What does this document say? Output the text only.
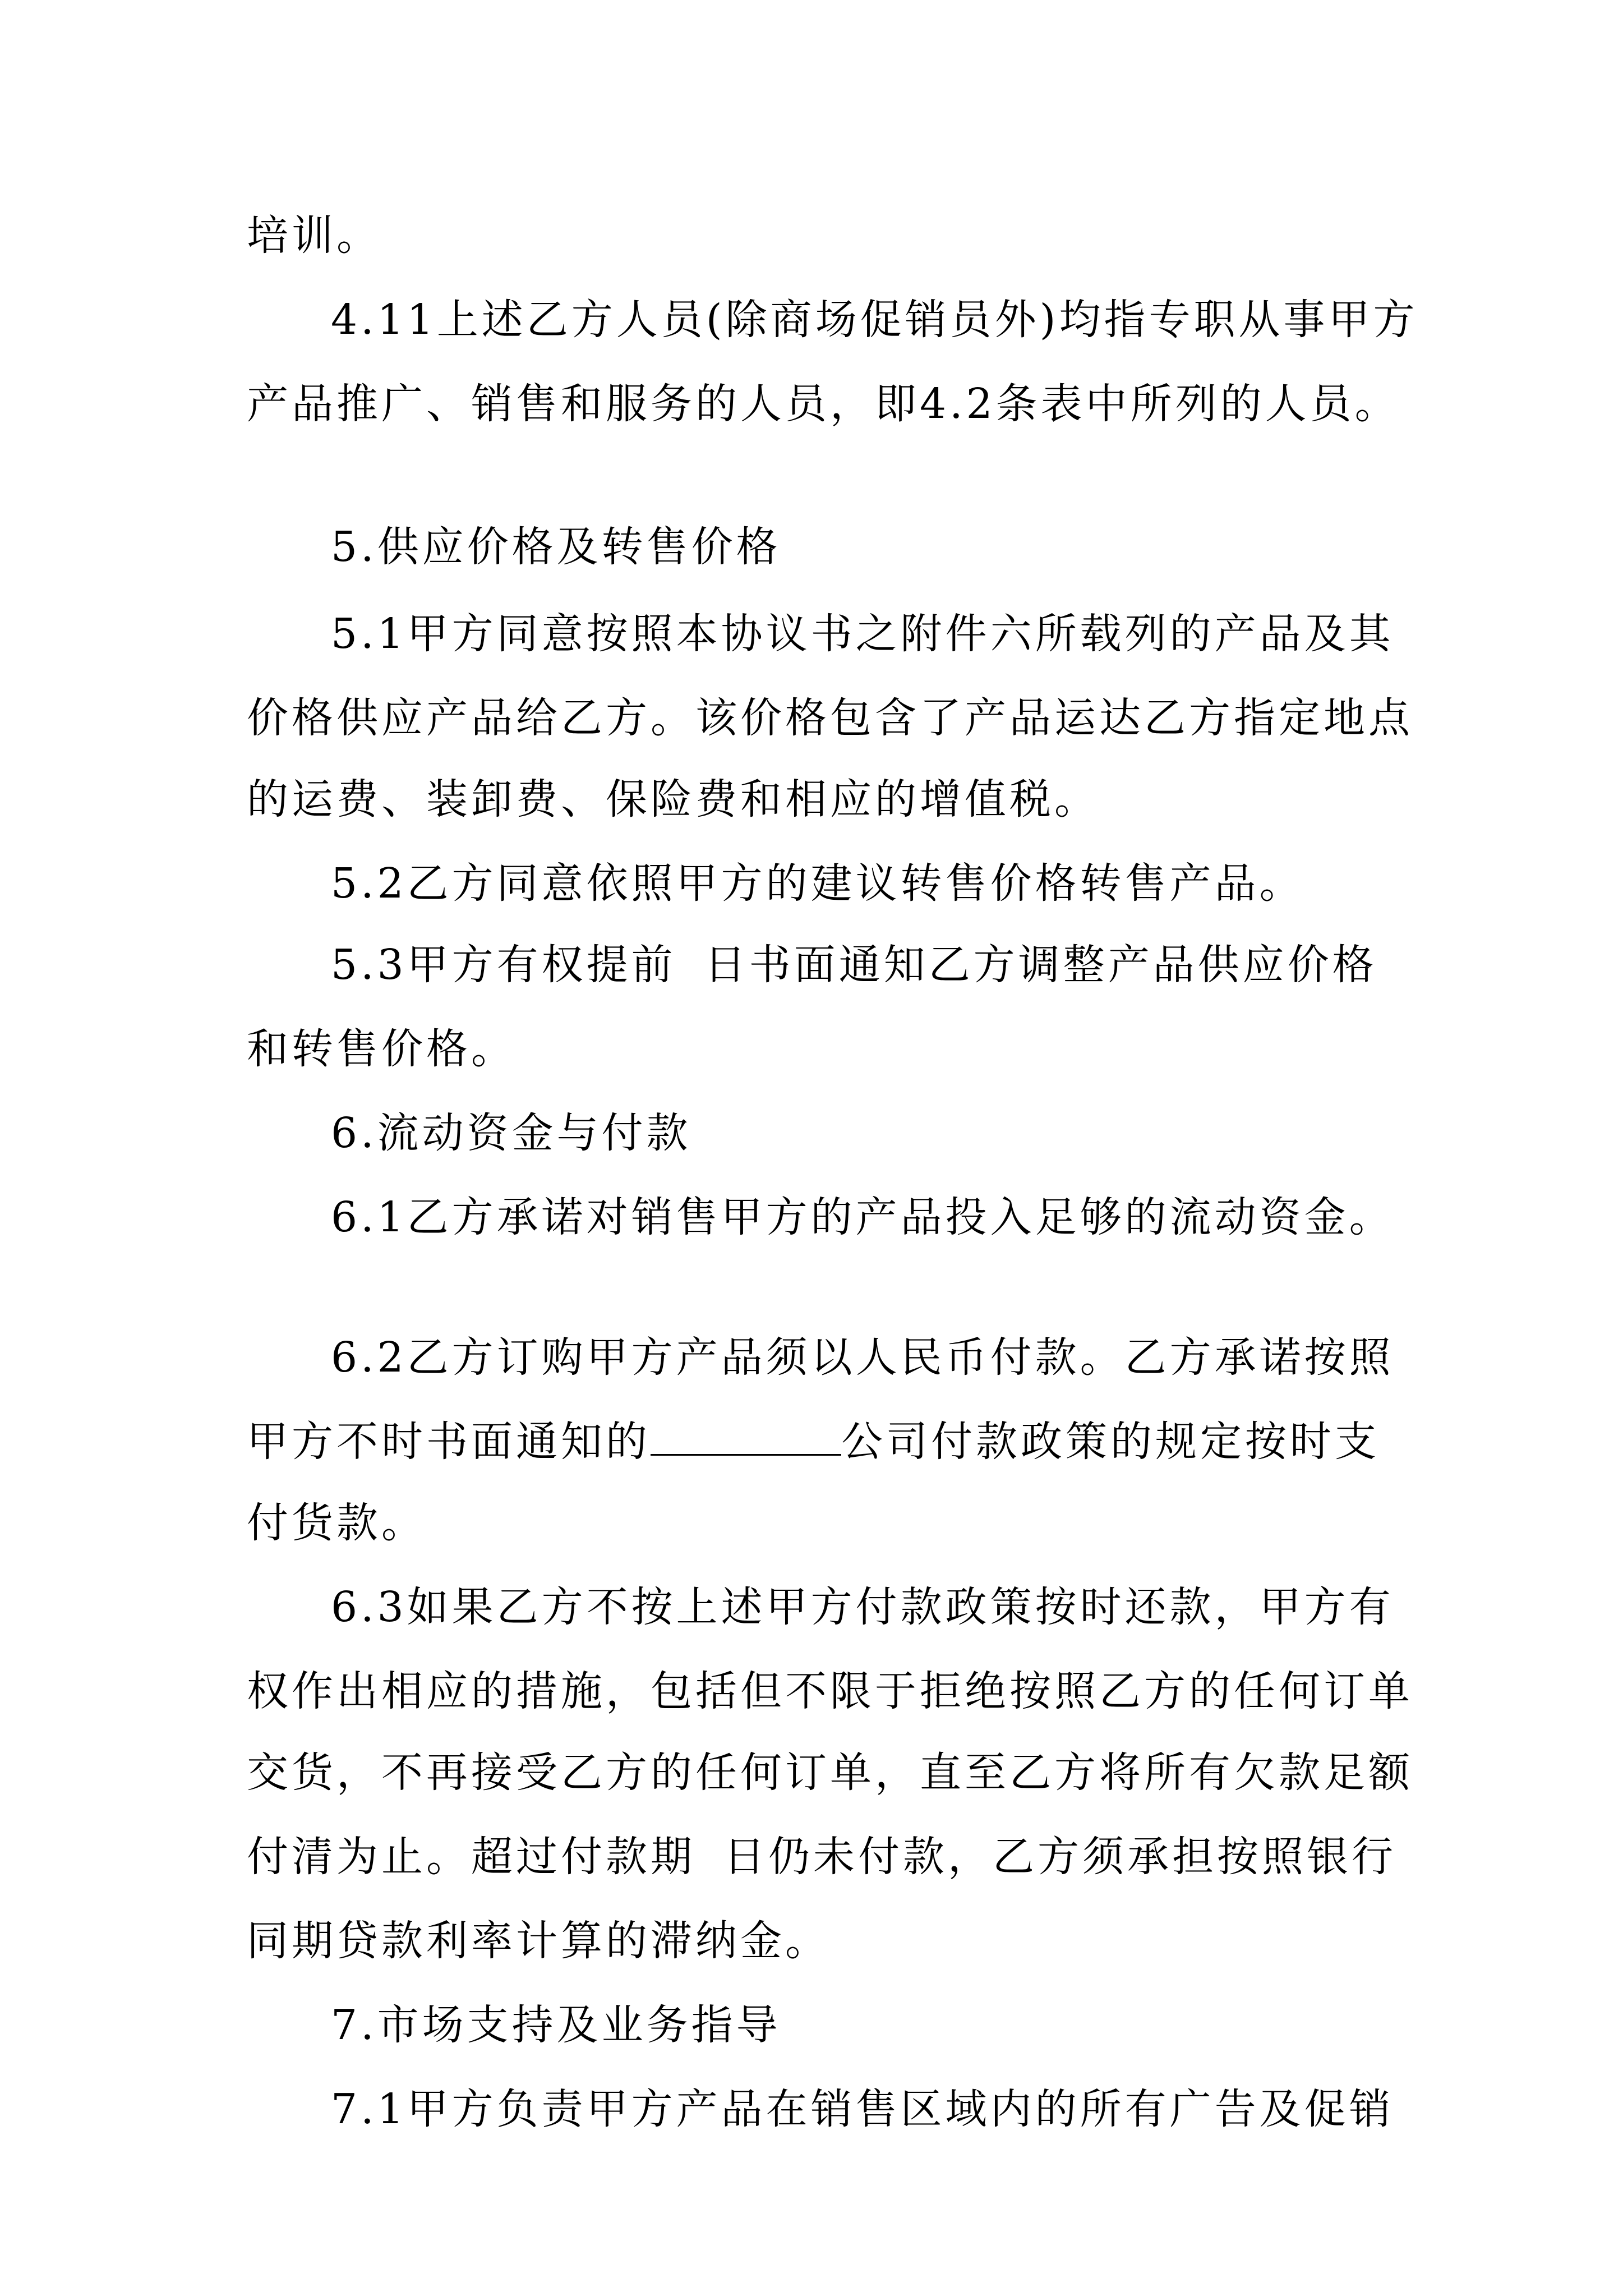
培训。

4.11上述乙方人员(除商场促销员外)均指专职从事甲方

产品推广、销售和服务的人员，即4.2条表中所列的人员。

5.供应价格及转售价格

5.1甲方同意按照本协议书之附件六所载列的产品及其

价格供应产品给乙方。该价格包含了产品运达乙方指定地点

的运费、装卸费、保险费和相应的增值税。

5.2乙方同意依照甲方的建议转售价格转售产品。

5.3甲方有权提前 日书面通知乙方调整产品供应价格

和转售价格。

6.流动资金与付款

6.1乙方承诺对销售甲方的产品投入足够的流动资金。

6.2乙方订购甲方产品须以人民币付款。乙方承诺按照

甲方不时书面通知的	公司付款政策的规定按时支

付货款。

6.3如果乙方不按上述甲方付款政策按时还款，甲方有

权作出相应的措施，包括但不限于拒绝按照乙方的任何订单

交货，不再接受乙方的任何订单，直至乙方将所有欠款足额

付清为止。超过付款期 日仍未付款，乙方须承担按照银行

同期贷款利率计算的滞纳金。

7.市场支持及业务指导

7.1甲方负责甲方产品在销售区域内的所有广告及促销
